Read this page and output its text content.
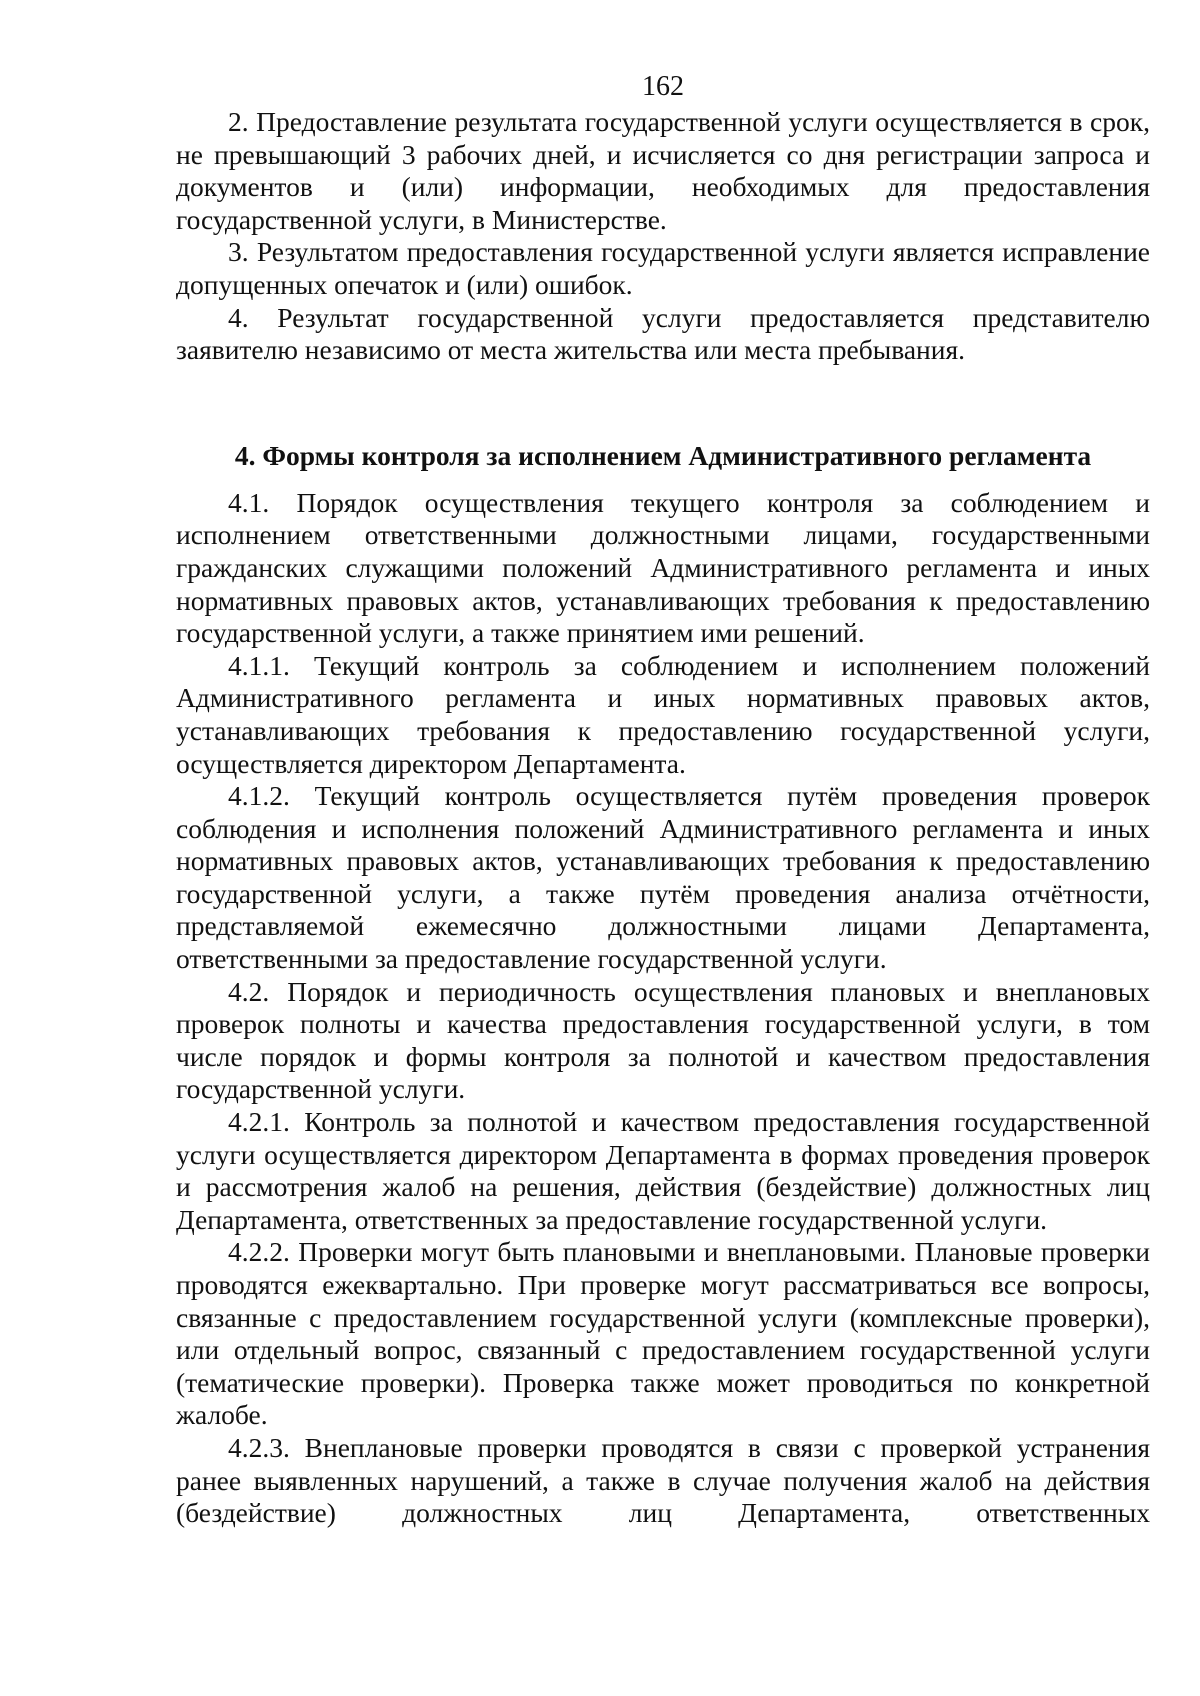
162

2. Предоставление результата государственной услуги осуществляется в срок, не превышающий 3 рабочих дней, и исчисляется со дня регистрации запроса и документов и (или) информации, необходимых для предоставления государственной услуги, в Министерстве.

3. Результатом предоставления государственной услуги является исправление допущенных опечаток и (или) ошибок.

4. Результат государственной услуги предоставляется представителю заявителю независимо от места жительства или места пребывания.

4. Формы контроля за исполнением Административного регламента

4.1. Порядок осуществления текущего контроля за соблюдением и исполнением ответственными должностными лицами, государственными гражданских служащими положений Административного регламента и иных нормативных правовых актов, устанавливающих требования к предоставлению государственной услуги, а также принятием ими решений.

4.1.1. Текущий контроль за соблюдением и исполнением положений Административного регламента и иных нормативных правовых актов, устанавливающих требования к предоставлению государственной услуги, осуществляется директором Департамента.

4.1.2. Текущий контроль осуществляется путём проведения проверок соблюдения и исполнения положений Административного регламента и иных нормативных правовых актов, устанавливающих требования к предоставлению государственной услуги, а также путём проведения анализа отчётности, представляемой ежемесячно должностными лицами Департамента, ответственными за предоставление государственной услуги.

4.2. Порядок и периодичность осуществления плановых и внеплановых проверок полноты и качества предоставления государственной услуги, в том числе порядок и формы контроля за полнотой и качеством предоставления государственной услуги.

4.2.1. Контроль за полнотой и качеством предоставления государственной услуги осуществляется директором Департамента в формах проведения проверок и рассмотрения жалоб на решения, действия (бездействие) должностных лиц Департамента, ответственных за предоставление государственной услуги.

4.2.2. Проверки могут быть плановыми и внеплановыми. Плановые проверки проводятся ежеквартально. При проверке могут рассматриваться все вопросы, связанные с предоставлением государственной услуги (комплексные проверки), или отдельный вопрос, связанный с предоставлением государственной услуги (тематические проверки). Проверка также может проводиться по конкретной жалобе.

4.2.3. Внеплановые проверки проводятся в связи с проверкой устранения ранее выявленных нарушений, а также в случае получения жалоб на действия (бездействие) должностных лиц Департамента, ответственных
